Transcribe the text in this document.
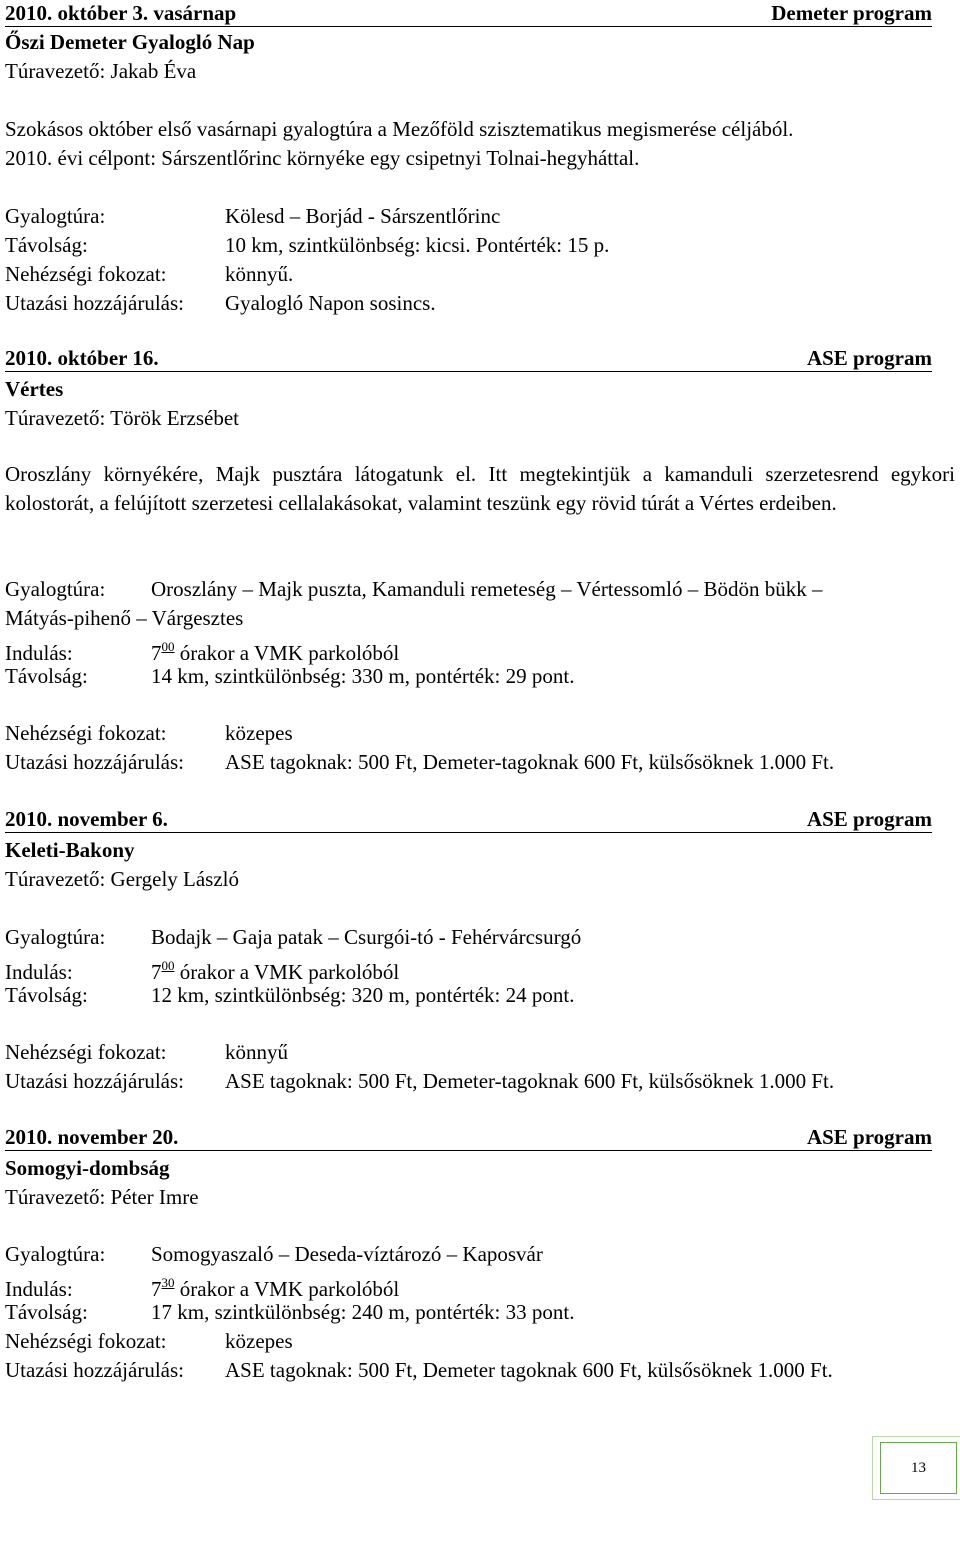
2010. október 3. vasárnap	Demeter program
Őszi Demeter Gyalogló Nap
Túravezető: Jakab Éva
Szokásos október első vasárnapi gyalogtúra a Mezőföld szisztematikus megismerése céljából.
2010. évi célpont: Sárszentlőrinc környéke egy csipetnyi Tolnai-hegyháttal.
Gyalogtúra:	Kölesd – Borjád - Sárszentlőrinc
Távolság:	10 km, szintkülönbség: kicsi. Pontérték: 15 p.
Nehézségi fokozat:	könnyű.
Utazási hozzájárulás: Gyalogló Napon sosincs.
2010. október 16.	ASE program
Vértes
Túravezető: Török Erzsébet
Oroszlány környékére, Majk pusztára látogatunk el. Itt megtekintjük a kamanduli szerzetesrend egykori kolostorát, a felújított szerzetesi cellalakásokat, valamint teszünk egy rövid túrát a Vértes erdeiben.
Gyalogtúra: Oroszlány – Majk puszta, Kamanduli remeteség – Vértessomló – Bödön bükk –
Mátyás-pihenő – Várgesztes
Indulás:	$7^{00}$ órakor a VMK parkolóból
Távolság:	14 km, szintkülönbség: 330 m, pontérték: 29 pont.
Nehézségi fokozat:	közepes
Utazási hozzájárulás: ASE tagoknak: 500 Ft, Demeter-tagoknak 600 Ft, külsősöknek 1.000 Ft.
2010. november 6.	ASE program
Keleti-Bakony
Túravezető: Gergely László
Gyalogtúra: Bodajk – Gaja patak – Csurgói-tó - Fehérvárcsurgó
Indulás:	$7^{00}$ órakor a VMK parkolóból
Távolság:	12 km, szintkülönbség: 320 m, pontérték: 24 pont.
Nehézségi fokozat:	könnyű
Utazási hozzájárulás: ASE tagoknak: 500 Ft, Demeter-tagoknak 600 Ft, külsősöknek 1.000 Ft.
2010. november 20.	ASE program
Somogyi-dombság
Túravezető: Péter Imre
Gyalogtúra: Somogyaszaló – Deseda-víztározó – Kaposvár
Indulás:	$7^{30}$ órakor a VMK parkolóból
Távolság:	17 km, szintkülönbség: 240 m, pontérték: 33 pont.
Nehézségi fokozat:	közepes
Utazási hozzájárulás: ASE tagoknak: 500 Ft, Demeter tagoknak 600 Ft, külsősöknek 1.000 Ft.
13
